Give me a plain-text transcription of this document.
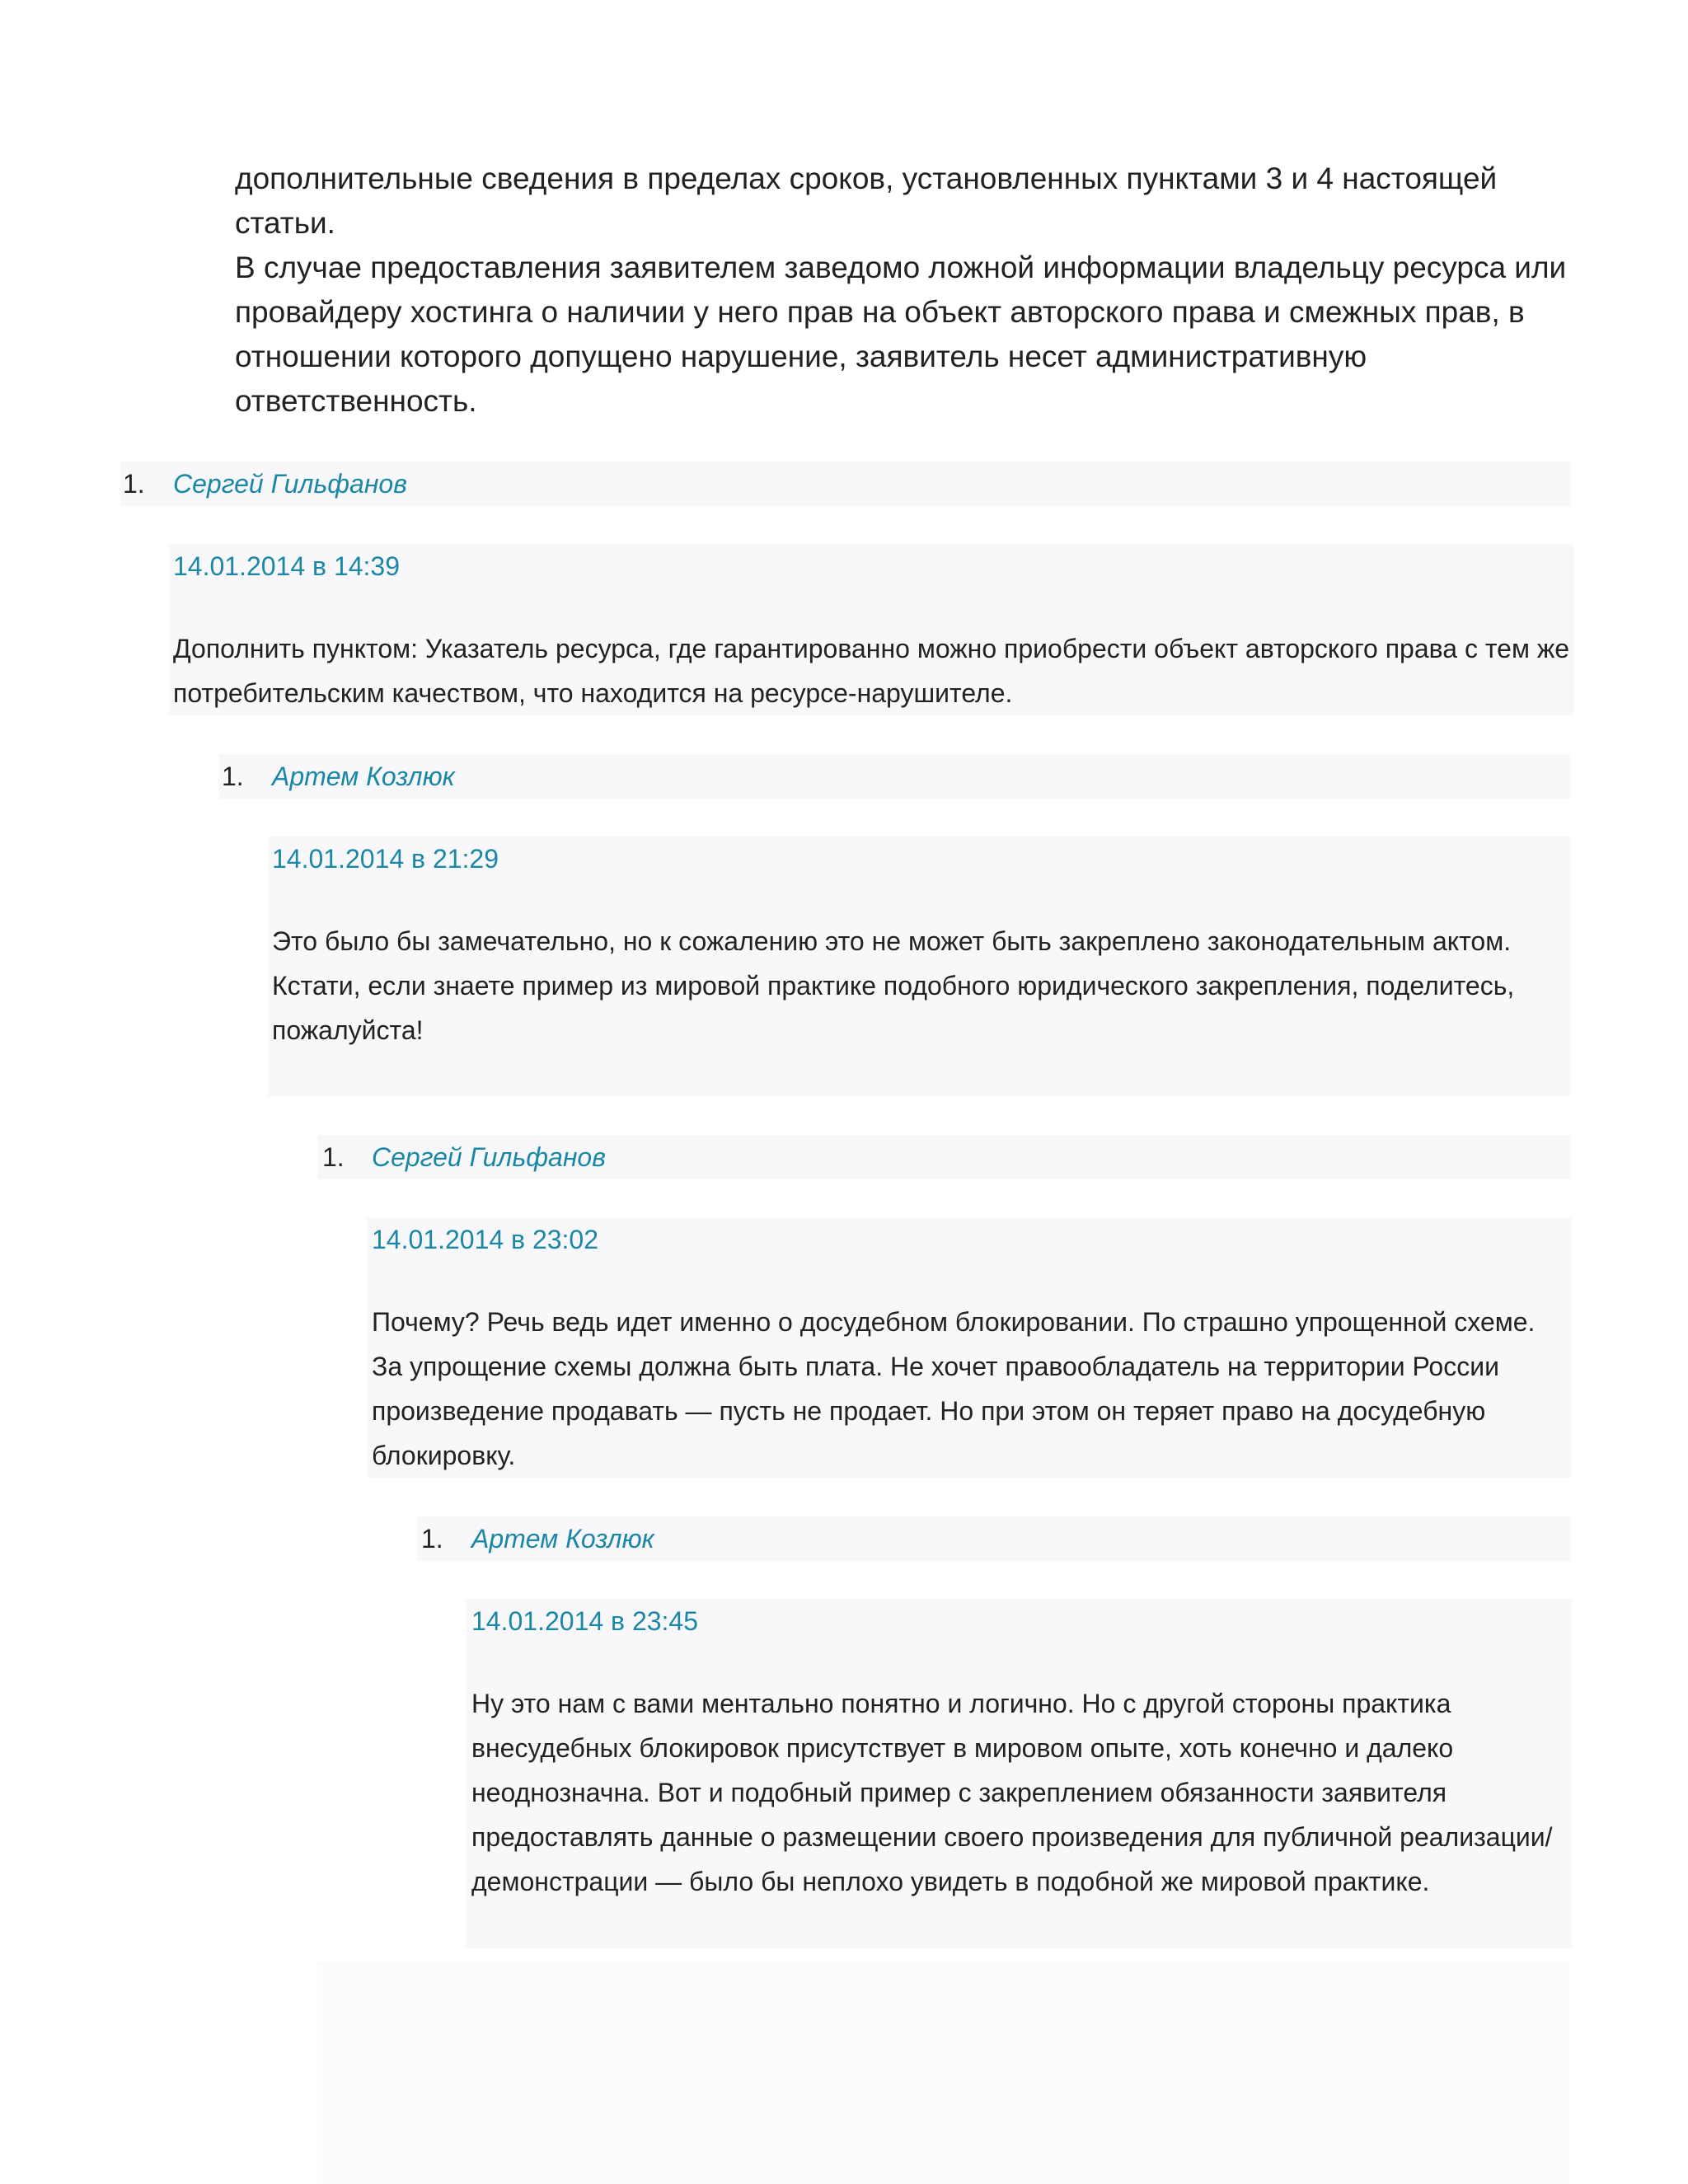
дополнительные сведения в пределах сроков, установленных пунктами 3 и 4 настоящей статьи.

В случае предоставления заявителем заведомо ложной информации владельцу ресурса или провайдеру хостинга о наличии у него прав на объект авторского права и смежных прав, в отношении которого допущено нарушение, заявитель несет административную ответственность.

1. Сергей Гильфанов
14.01.2014 в 14:39

Дополнить пунктом: Указатель ресурса, где гарантированно можно приобрести объект авторского права с тем же потребительским качеством, что находится на ресурсе-нарушителе.

1. Артем Козлюк
14.01.2014 в 21:29

Это было бы замечательно, но к сожалению это не может быть закреплено законодательным актом.

Кстати, если знаете пример из мировой практике подобного юридического закрепления, поделитесь, пожалуйста!

1. Сергей Гильфанов
14.01.2014 в 23:02

Почему? Речь ведь идет именно о досудебном блокировании. По страшно упрощенной схеме. За упрощение схемы должна быть плата. Не хочет правообладатель на территории России произведение продавать — пусть не продает. Но при этом он теряет право на досудебную блокировку.

1. Артем Козлюк
14.01.2014 в 23:45

Ну это нам с вами ментально понятно и логично. Но с другой стороны практика внесудебных блокировок присутствует в мировом опыте, хоть конечно и далеко неоднозначна. Вот и подобный пример с закреплением обязанности заявителя предоставлять данные о размещении своего произведения для публичной реализации/демонстрации — было бы неплохо увидеть в подобной же мировой практике.
